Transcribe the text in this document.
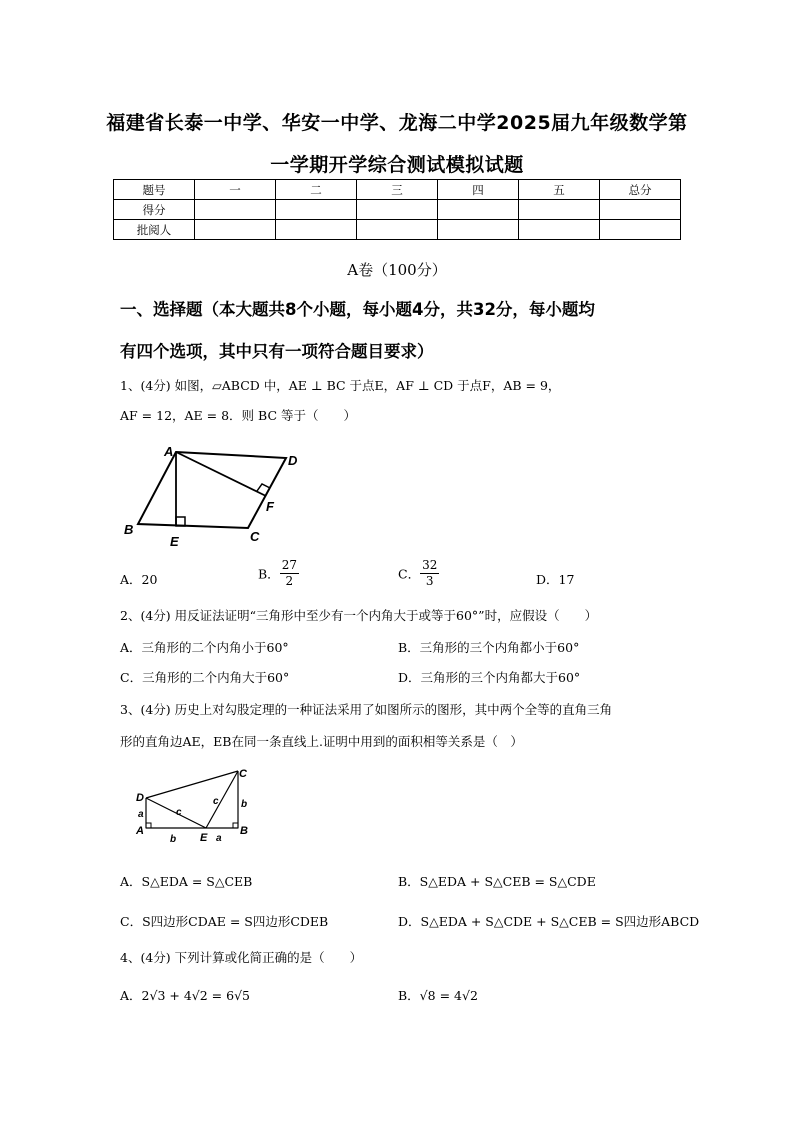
福建省长泰一中学、华安一中学、龙海二中学2025届九年级数学第
一学期开学综合测试模拟试题
题号	一	二	三	四	五	总分
得分						
批阅人						
A卷（100分）
一、选择题（本大题共8个小题，每小题4分，共32分，每小题均
有四个选项，其中只有一项符合题目要求）
1、(4分) 如图，▱ABCD 中，AE ⊥ BC 于点E，AF ⊥ CD 于点F，AB = 9，
AF = 12，AE = 8．则 BC 等于（　　）
A
D
F
B
E	C
A．20	B． $\frac{27}{2}$	C． $\frac{32}{3}$	D．17
2、(4分) 用反证法证明“三角形中至少有一个内角大于或等于60°”时，应假设（　　）
A．三角形的二个内角小于60°	B．三角形的三个内角都小于60°
C．三角形的二个内角大于60°	D．三角形的三个内角都大于60°
3、(4分) 历史上对勾股定理的一种证法采用了如图所示的图形，其中两个全等的直角三角
形的直角边AE，EB在同一条直线上.证明中用到的面积相等关系是（　）
C
D
A	B
E
a
a
b
b
c
c
A．S△EDA = S△CEB	B．S△EDA + S△CEB = S△CDE
C．S四边形CDAE = S四边形CDEB	D．S△EDA + S△CDE + S△CEB = S四边形ABCD
4、(4分) 下列计算或化简正确的是（　　）
A．2√3 + 4√2 = 6√5	B．√8 = 4√2
